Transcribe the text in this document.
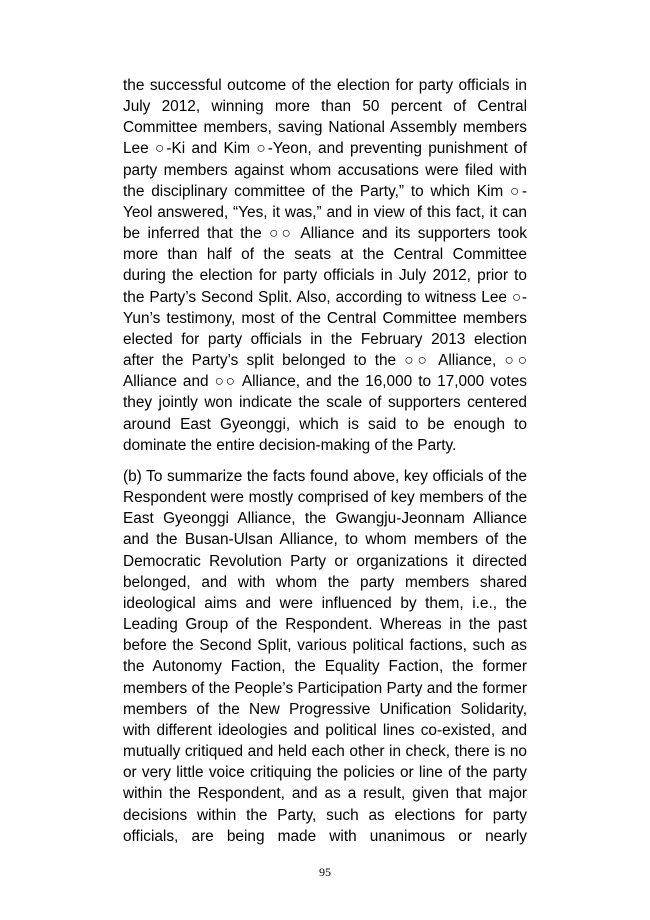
the successful outcome of the election for party officials in July 2012, winning more than 50 percent of Central Committee members, saving National Assembly members Lee ○-Ki and Kim ○-Yeon, and preventing punishment of party members against whom accusations were filed with the disciplinary committee of the Party,” to which Kim ○-Yeol answered, “Yes, it was,” and in view of this fact, it can be inferred that the ○○ Alliance and its supporters took more than half of the seats at the Central Committee during the election for party officials in July 2012, prior to the Party’s Second Split. Also, according to witness Lee ○-Yun’s testimony, most of the Central Committee members elected for party officials in the February 2013 election after the Party’s split belonged to the ○○ Alliance, ○○ Alliance and ○○ Alliance, and the 16,000 to 17,000 votes they jointly won indicate the scale of supporters centered around East Gyeonggi, which is said to be enough to dominate the entire decision-making of the Party.

(b) To summarize the facts found above, key officials of the Respondent were mostly comprised of key members of the East Gyeonggi Alliance, the Gwangju-Jeonnam Alliance and the Busan-Ulsan Alliance, to whom members of the Democratic Revolution Party or organizations it directed belonged, and with whom the party members shared ideological aims and were influenced by them, i.e., the Leading Group of the Respondent. Whereas in the past before the Second Split, various political factions, such as the Autonomy Faction, the Equality Faction, the former members of the People’s Participation Party and the former members of the New Progressive Unification Solidarity, with different ideologies and political lines co-existed, and mutually critiqued and held each other in check, there is no or very little voice critiquing the policies or line of the party within the Respondent, and as a result, given that major decisions within the Party, such as elections for party officials, are being made with unanimous or nearly

95
